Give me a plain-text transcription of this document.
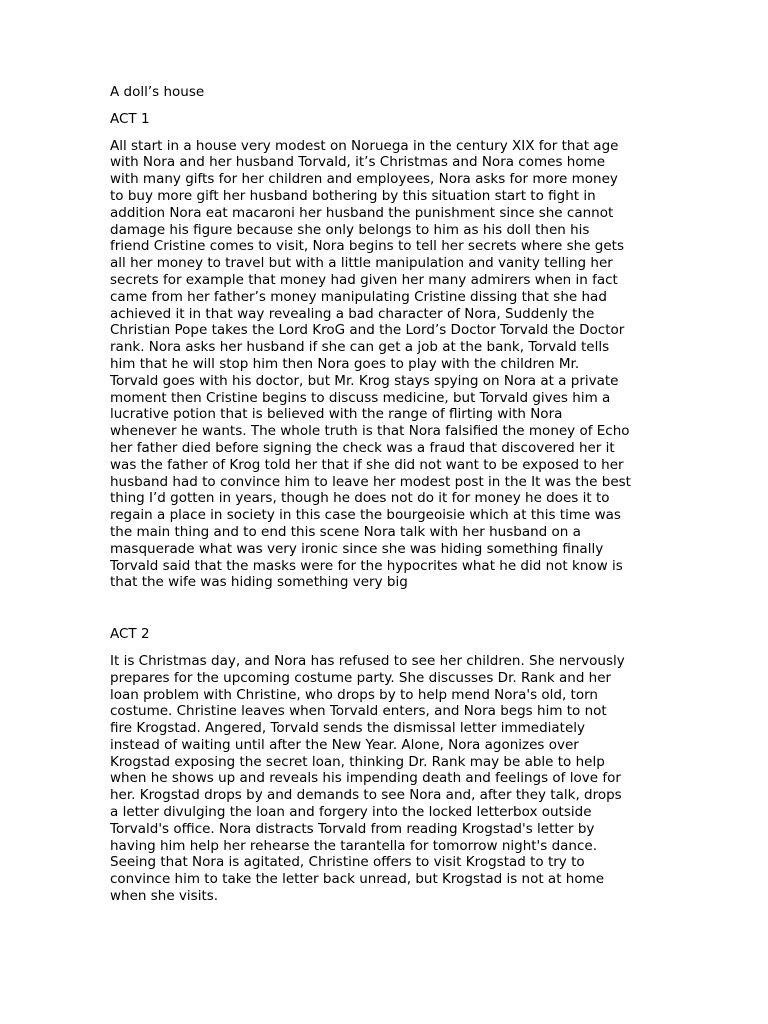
A doll’s house

ACT 1

All start in a house very modest on Noruega in the century XIX for that age
with Nora and her husband Torvald, it’s Christmas and Nora comes home
with many gifts for her children and employees, Nora asks for more money
to buy more gift her husband bothering by this situation start to fight in
addition Nora eat macaroni her husband the punishment since she cannot
damage his figure because she only belongs to him as his doll then his
friend Cristine comes to visit, Nora begins to tell her secrets where she gets
all her money to travel but with a little manipulation and vanity telling her
secrets for example that money had given her many admirers when in fact
came from her father’s money manipulating Cristine dissing that she had
achieved it in that way revealing a bad character of Nora, Suddenly the
Christian Pope takes the Lord KroG and the Lord’s Doctor Torvald the Doctor
rank. Nora asks her husband if she can get a job at the bank, Torvald tells
him that he will stop him then Nora goes to play with the children Mr.
Torvald goes with his doctor, but Mr. Krog stays spying on Nora at a private
moment then Cristine begins to discuss medicine, but Torvald gives him a
lucrative potion that is believed with the range of flirting with Nora
whenever he wants. The whole truth is that Nora falsified the money of Echo
her father died before signing the check was a fraud that discovered her it
was the father of Krog told her that if she did not want to be exposed to her
husband had to convince him to leave her modest post in the It was the best
thing I’d gotten in years, though he does not do it for money he does it to
regain a place in society in this case the bourgeoisie which at this time was
the main thing and to end this scene Nora talk with her husband on a
masquerade what was very ironic since she was hiding something finally
Torvald said that the masks were for the hypocrites what he did not know is
that the wife was hiding something very big

ACT 2

It is Christmas day, and Nora has refused to see her children. She nervously
prepares for the upcoming costume party. She discusses Dr. Rank and her
loan problem with Christine, who drops by to help mend Nora's old, torn
costume. Christine leaves when Torvald enters, and Nora begs him to not
fire Krogstad. Angered, Torvald sends the dismissal letter immediately
instead of waiting until after the New Year. Alone, Nora agonizes over
Krogstad exposing the secret loan, thinking Dr. Rank may be able to help
when he shows up and reveals his impending death and feelings of love for
her. Krogstad drops by and demands to see Nora and, after they talk, drops
a letter divulging the loan and forgery into the locked letterbox outside
Torvald's office. Nora distracts Torvald from reading Krogstad's letter by
having him help her rehearse the tarantella for tomorrow night's dance.
Seeing that Nora is agitated, Christine offers to visit Krogstad to try to
convince him to take the letter back unread, but Krogstad is not at home
when she visits.
